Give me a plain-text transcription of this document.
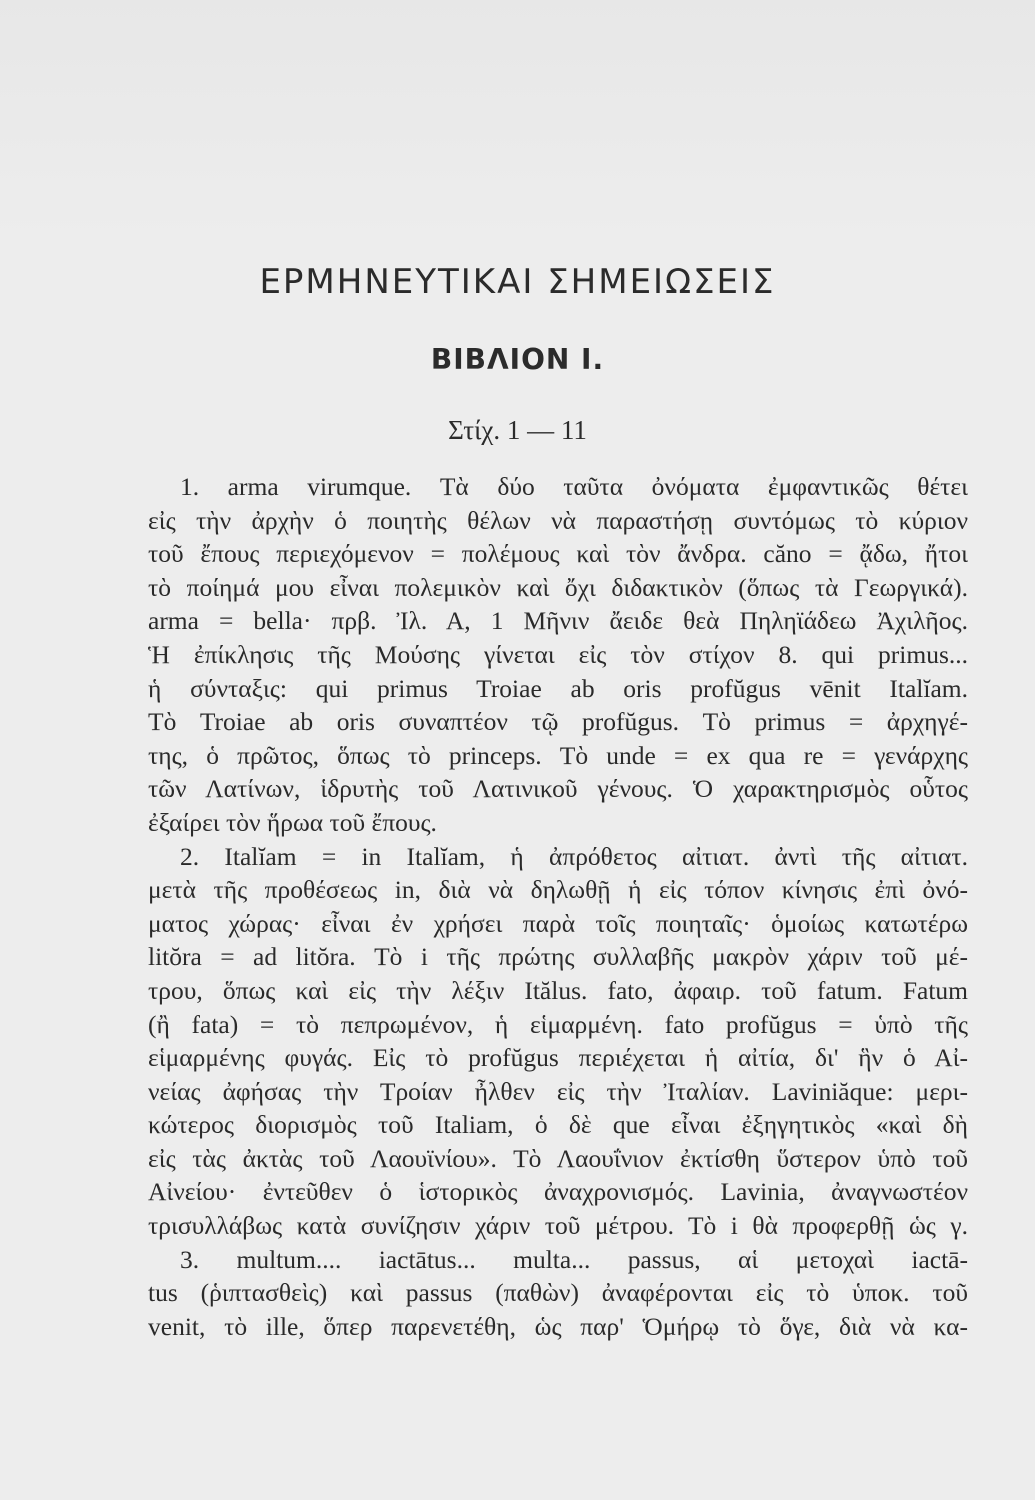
ΕΡΜΗΝΕΥΤΙΚΑΙ ΣΗΜΕΙΩΣΕΙΣ
ΒΙΒΛΙΟΝ Ι.
Στίχ. 1 — 11
1. arma virumque. Τὰ δύο ταῦτα ὀνόματα ἐμφαντικῶς θέτει
εἰς τὴν ἀρχὴν ὁ ποιητὴς θέλων νὰ παραστήσῃ συντόμως τὸ κύριον
τοῦ ἔπους περιεχόμενον = πολέμους καὶ τὸν ἄνδρα. căno = ᾄδω, ἤτοι
τὸ ποίημά μου εἶναι πολεμικὸν καὶ ὄχι διδακτικὸν (ὅπως τὰ Γεωργικά).
arma = bella· πρβ. Ἰλ. Α, 1 Μῆνιν ἄειδε θεὰ Πηληϊάδεω Ἀχιλῆος.
Ἡ ἐπίκλησις τῆς Μούσης γίνεται εἰς τὸν στίχον 8. qui primus...
ἡ σύνταξις: qui primus Troiae ab oris profŭgus vēnit Italĭam.
Τὸ Troiae ab oris συναπτέον τῷ profŭgus. Τὸ primus = ἀρχηγέ-
της, ὁ πρῶτος, ὅπως τὸ princeps. Τὸ unde = ex qua re = γενάρχης
τῶν Λατίνων, ἱδρυτὴς τοῦ Λατινικοῦ γένους. Ὁ χαρακτηρισμὸς οὗτος
ἐξαίρει τὸν ἥρωα τοῦ ἔπους.
2. Italĭam = in Italĭam, ἡ ἀπρόθετος αἰτιατ. ἀντὶ τῆς αἰτιατ.
μετὰ τῆς προθέσεως in, διὰ νὰ δηλωθῇ ἡ εἰς τόπον κίνησις ἐπὶ ὀνό-
ματος χώρας· εἶναι ἐν χρήσει παρὰ τοῖς ποιηταῖς· ὁμοίως κατωτέρω
litŏra = ad litŏra. Τὸ i τῆς πρώτης συλλαβῆς μακρὸν χάριν τοῦ μέ-
τρου, ὅπως καὶ εἰς τὴν λέξιν Itălus. fato, ἀφαιρ. τοῦ fatum. Fatum
(ἢ fata) = τὸ πεπρωμένον, ἡ εἱμαρμένη. fato profŭgus = ὑπὸ τῆς
εἱμαρμένης φυγάς. Εἰς τὸ profŭgus περιέχεται ἡ αἰτία, δι' ἣν ὁ Αἰ-
νείας ἀφήσας τὴν Τροίαν ἦλθεν εἰς τὴν Ἰταλίαν. Laviniăque: μερι-
κώτερος διορισμὸς τοῦ Italiam, ὁ δὲ que εἶναι ἐξηγητικὸς «καὶ δὴ
εἰς τὰς ἀκτὰς τοῦ Λαουϊνίου». Τὸ Λαουΐνιον ἐκτίσθη ὕστερον ὑπὸ τοῦ
Αἰνείου· ἐντεῦθεν ὁ ἱστορικὸς ἀναχρονισμός. Lavinia, ἀναγνωστέον
τρισυλλάβως κατὰ συνίζησιν χάριν τοῦ μέτρου. Τὸ i θὰ προφερθῇ ὡς γ.
3. multum.... iactātus... multa... passus, αἱ μετοχαὶ iactā-
tus (ῥιπτασθεὶς) καὶ passus (παθὼν) ἀναφέρονται εἰς τὸ ὑποκ. τοῦ
venit, τὸ ille, ὅπερ παρενετέθη, ὡς παρ' Ὁμήρῳ τὸ ὅγε, διὰ νὰ κα-
